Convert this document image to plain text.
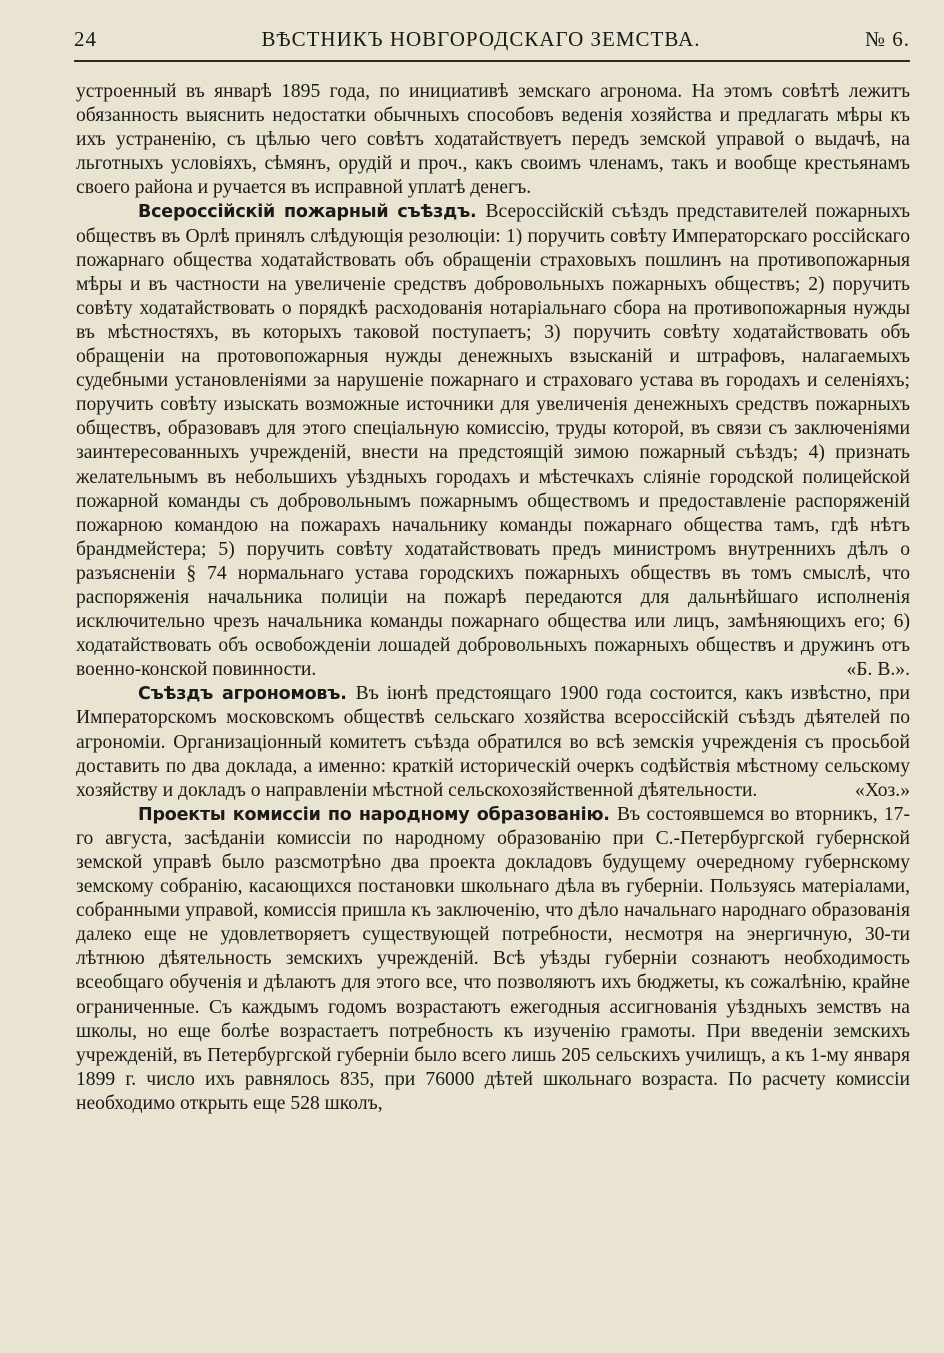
24	ВѢСТНИКЪ НОВГОРОДСКАГО ЗЕМСТВА.	№ 6.

устроенный въ январѣ 1895 года, по инициативѣ земскаго агронома. На этомъ совѣтѣ лежитъ обязанность выяснить недостатки обычныхъ способовъ веденія хозяйства и предлагать мѣры къ ихъ устраненію, съ цѣлью чего совѣтъ ходатайствуетъ передъ земской управой о выдачѣ, на льготныхъ условіяхъ, сѣмянъ, орудій и проч., какъ своимъ членамъ, такъ и вообще крестьянамъ своего района и ручается въ исправной уплатѣ денегъ.

Всероссійскій пожарный съѣздъ. Всероссійскій съѣздъ представителей пожарныхъ обществъ въ Орлѣ принялъ слѣдующія резолюціи: 1) поручить совѣту Императорскаго россійскаго пожарнаго общества ходатайствовать объ обращеніи страховыхъ пошлинъ на противопожарныя мѣры и въ частности на увеличеніе средствъ добровольныхъ пожарныхъ обществъ; 2) поручить совѣту ходатайствовать о порядкѣ расходованія нотаріальнаго сбора на противопожарныя нужды въ мѣстностяхъ, въ которыхъ таковой поступаетъ; 3) поручить совѣту ходатайствовать объ обращеніи на протовопожарныя нужды денежныхъ взысканій и штрафовъ, налагаемыхъ судебными установленіями за нарушеніе пожарнаго и страховаго устава въ городахъ и селеніяхъ; поручить совѣту изыскать возможные источники для увеличенія денежныхъ средствъ пожарныхъ обществъ, образовавъ для этого спеціальную комиссію, труды которой, въ связи съ заключеніями заинтересованныхъ учрежденій, внести на предстоящій зимою пожарный съѣздъ; 4) признать желательнымъ въ небольшихъ уѣздныхъ городахъ и мѣстечкахъ сліяніе городской полицейской пожарной команды съ добровольнымъ пожарнымъ обществомъ и предоставленіе распоряженій пожарною командою на пожарахъ начальнику команды пожарнаго общества тамъ, гдѣ нѣтъ брандмейстера; 5) поручить совѣту ходатайствовать предъ министромъ внутреннихъ дѣлъ о разъясненіи § 74 нормальнаго устава городскихъ пожарныхъ обществъ въ томъ смыслѣ, что распоряженія начальника полиціи на пожарѣ передаются для дальнѣйшаго исполненія исключительно чрезъ начальника команды пожарнаго общества или лицъ, замѣняющихъ его; 6) ходатайствовать объ освобожденіи лошадей добровольныхъ пожарныхъ обществъ и дружинъ отъ военно-конской повинности.	«Б. В.».

Съѣздъ агрономовъ. Въ іюнѣ предстоящаго 1900 года состоится, какъ извѣстно, при Императорскомъ московскомъ обществѣ сельскаго хозяйства всероссійскій съѣздъ дѣятелей по агрономіи. Организаціонный комитетъ съѣзда обратился во всѣ земскія учрежденія съ просьбой доставить по два доклада, а именно: краткій историческій очеркъ содѣйствія мѣстному сельскому хозяйству и докладъ о направленіи мѣстной сельскохозяйственной дѣятельности.	«Хоз.»

Проекты комиссіи по народному образованію. Въ состоявшемся во вторникъ, 17-го августа, засѣданіи комиссіи по народному образованію при С.-Петербургской губернской земской управѣ было разсмотрѣно два проекта докладовъ будущему очередному губернскому земскому собранію, касающихся постановки школьнаго дѣла въ губерніи. Пользуясь матеріалами, собранными управой, комиссія пришла къ заключенію, что дѣло начальнаго народнаго образованія далеко еще не удовлетворяетъ существующей потребности, несмотря на энергичную, 30-ти лѣтнюю дѣятельность земскихъ учрежденій. Всѣ уѣзды губерніи сознаютъ необходимость всеобщаго обученія и дѣлаютъ для этого все, что позволяютъ ихъ бюджеты, къ сожалѣнію, крайне ограниченные. Съ каждымъ годомъ возрастаютъ ежегодныя ассигнованія уѣздныхъ земствъ на школы, но еще болѣе возрастаетъ потребность къ изученію грамоты. При введеніи земскихъ учрежденій, въ Петербургской губерніи было всего лишь 205 сельскихъ училищъ, а къ 1-му января 1899 г. число ихъ равнялось 835, при 76000 дѣтей школьнаго возраста. По расчету комиссіи необходимо открыть еще 528 школъ,
